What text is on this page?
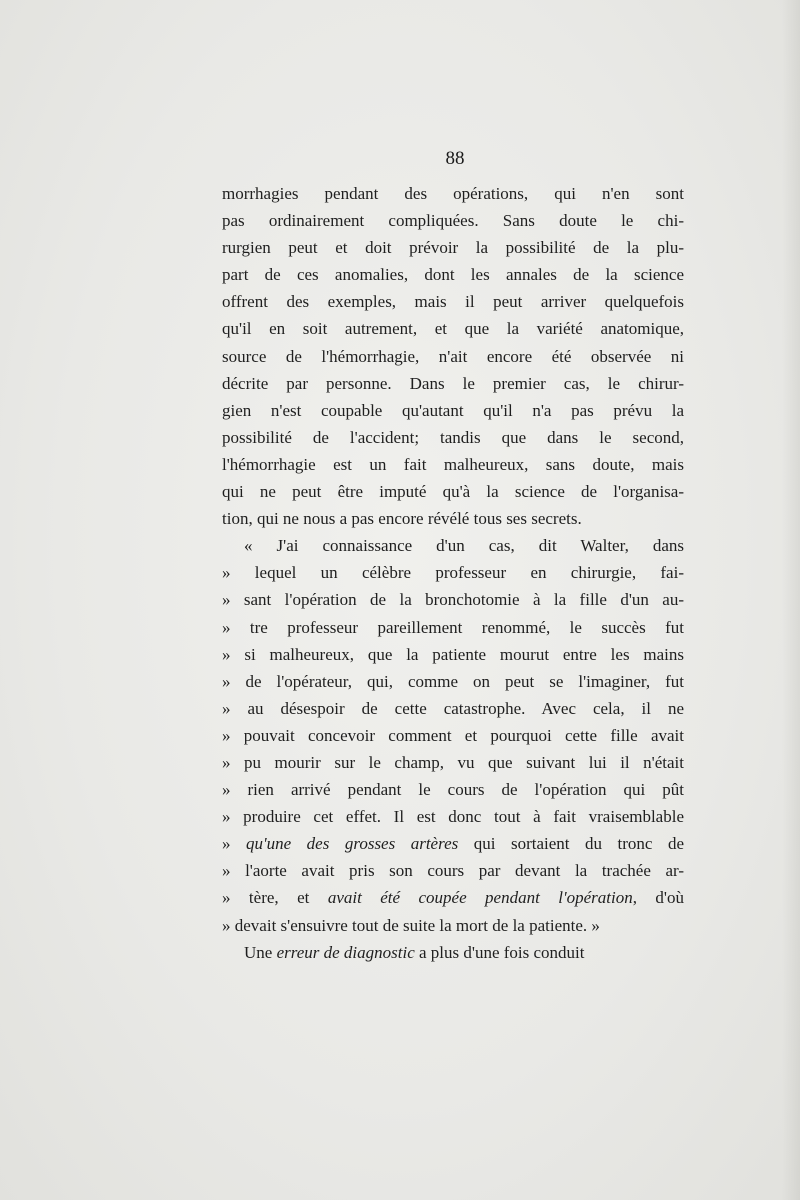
88
morrhagies pendant des opérations, qui n'en sont
pas ordinairement compliquées. Sans doute le chi-
rurgien peut et doit prévoir la possibilité de la plu-
part de ces anomalies, dont les annales de la science
offrent des exemples, mais il peut arriver quelquefois
qu'il en soit autrement, et que la variété anatomique,
source de l'hémorrhagie, n'ait encore été observée ni
décrite par personne. Dans le premier cas, le chirur-
gien n'est coupable qu'autant qu'il n'a pas prévu la
possibilité de l'accident; tandis que dans le second,
l'hémorrhagie est un fait malheureux, sans doute, mais
qui ne peut être imputé qu'à la science de l'organisa-
tion, qui ne nous a pas encore révélé tous ses secrets.
« J'ai connaissance d'un cas, dit Walter, dans
» lequel un célèbre professeur en chirurgie, fai-
» sant l'opération de la bronchotomie à la fille d'un au-
» tre professeur pareillement renommé, le succès fut
» si malheureux, que la patiente mourut entre les mains
» de l'opérateur, qui, comme on peut se l'imaginer, fut
» au désespoir de cette catastrophe. Avec cela, il ne
» pouvait concevoir comment et pourquoi cette fille avait
» pu mourir sur le champ, vu que suivant lui il n'était
» rien arrivé pendant le cours de l'opération qui pût
» produire cet effet. Il est donc tout à fait vraisemblable
» qu'une des grosses artères qui sortaient du tronc de
» l'aorte avait pris son cours par devant la trachée ar-
» tère, et avait été coupée pendant l'opération, d'où
» devait s'ensuivre tout de suite la mort de la patiente. »
Une erreur de diagnostic a plus d'une fois conduit
